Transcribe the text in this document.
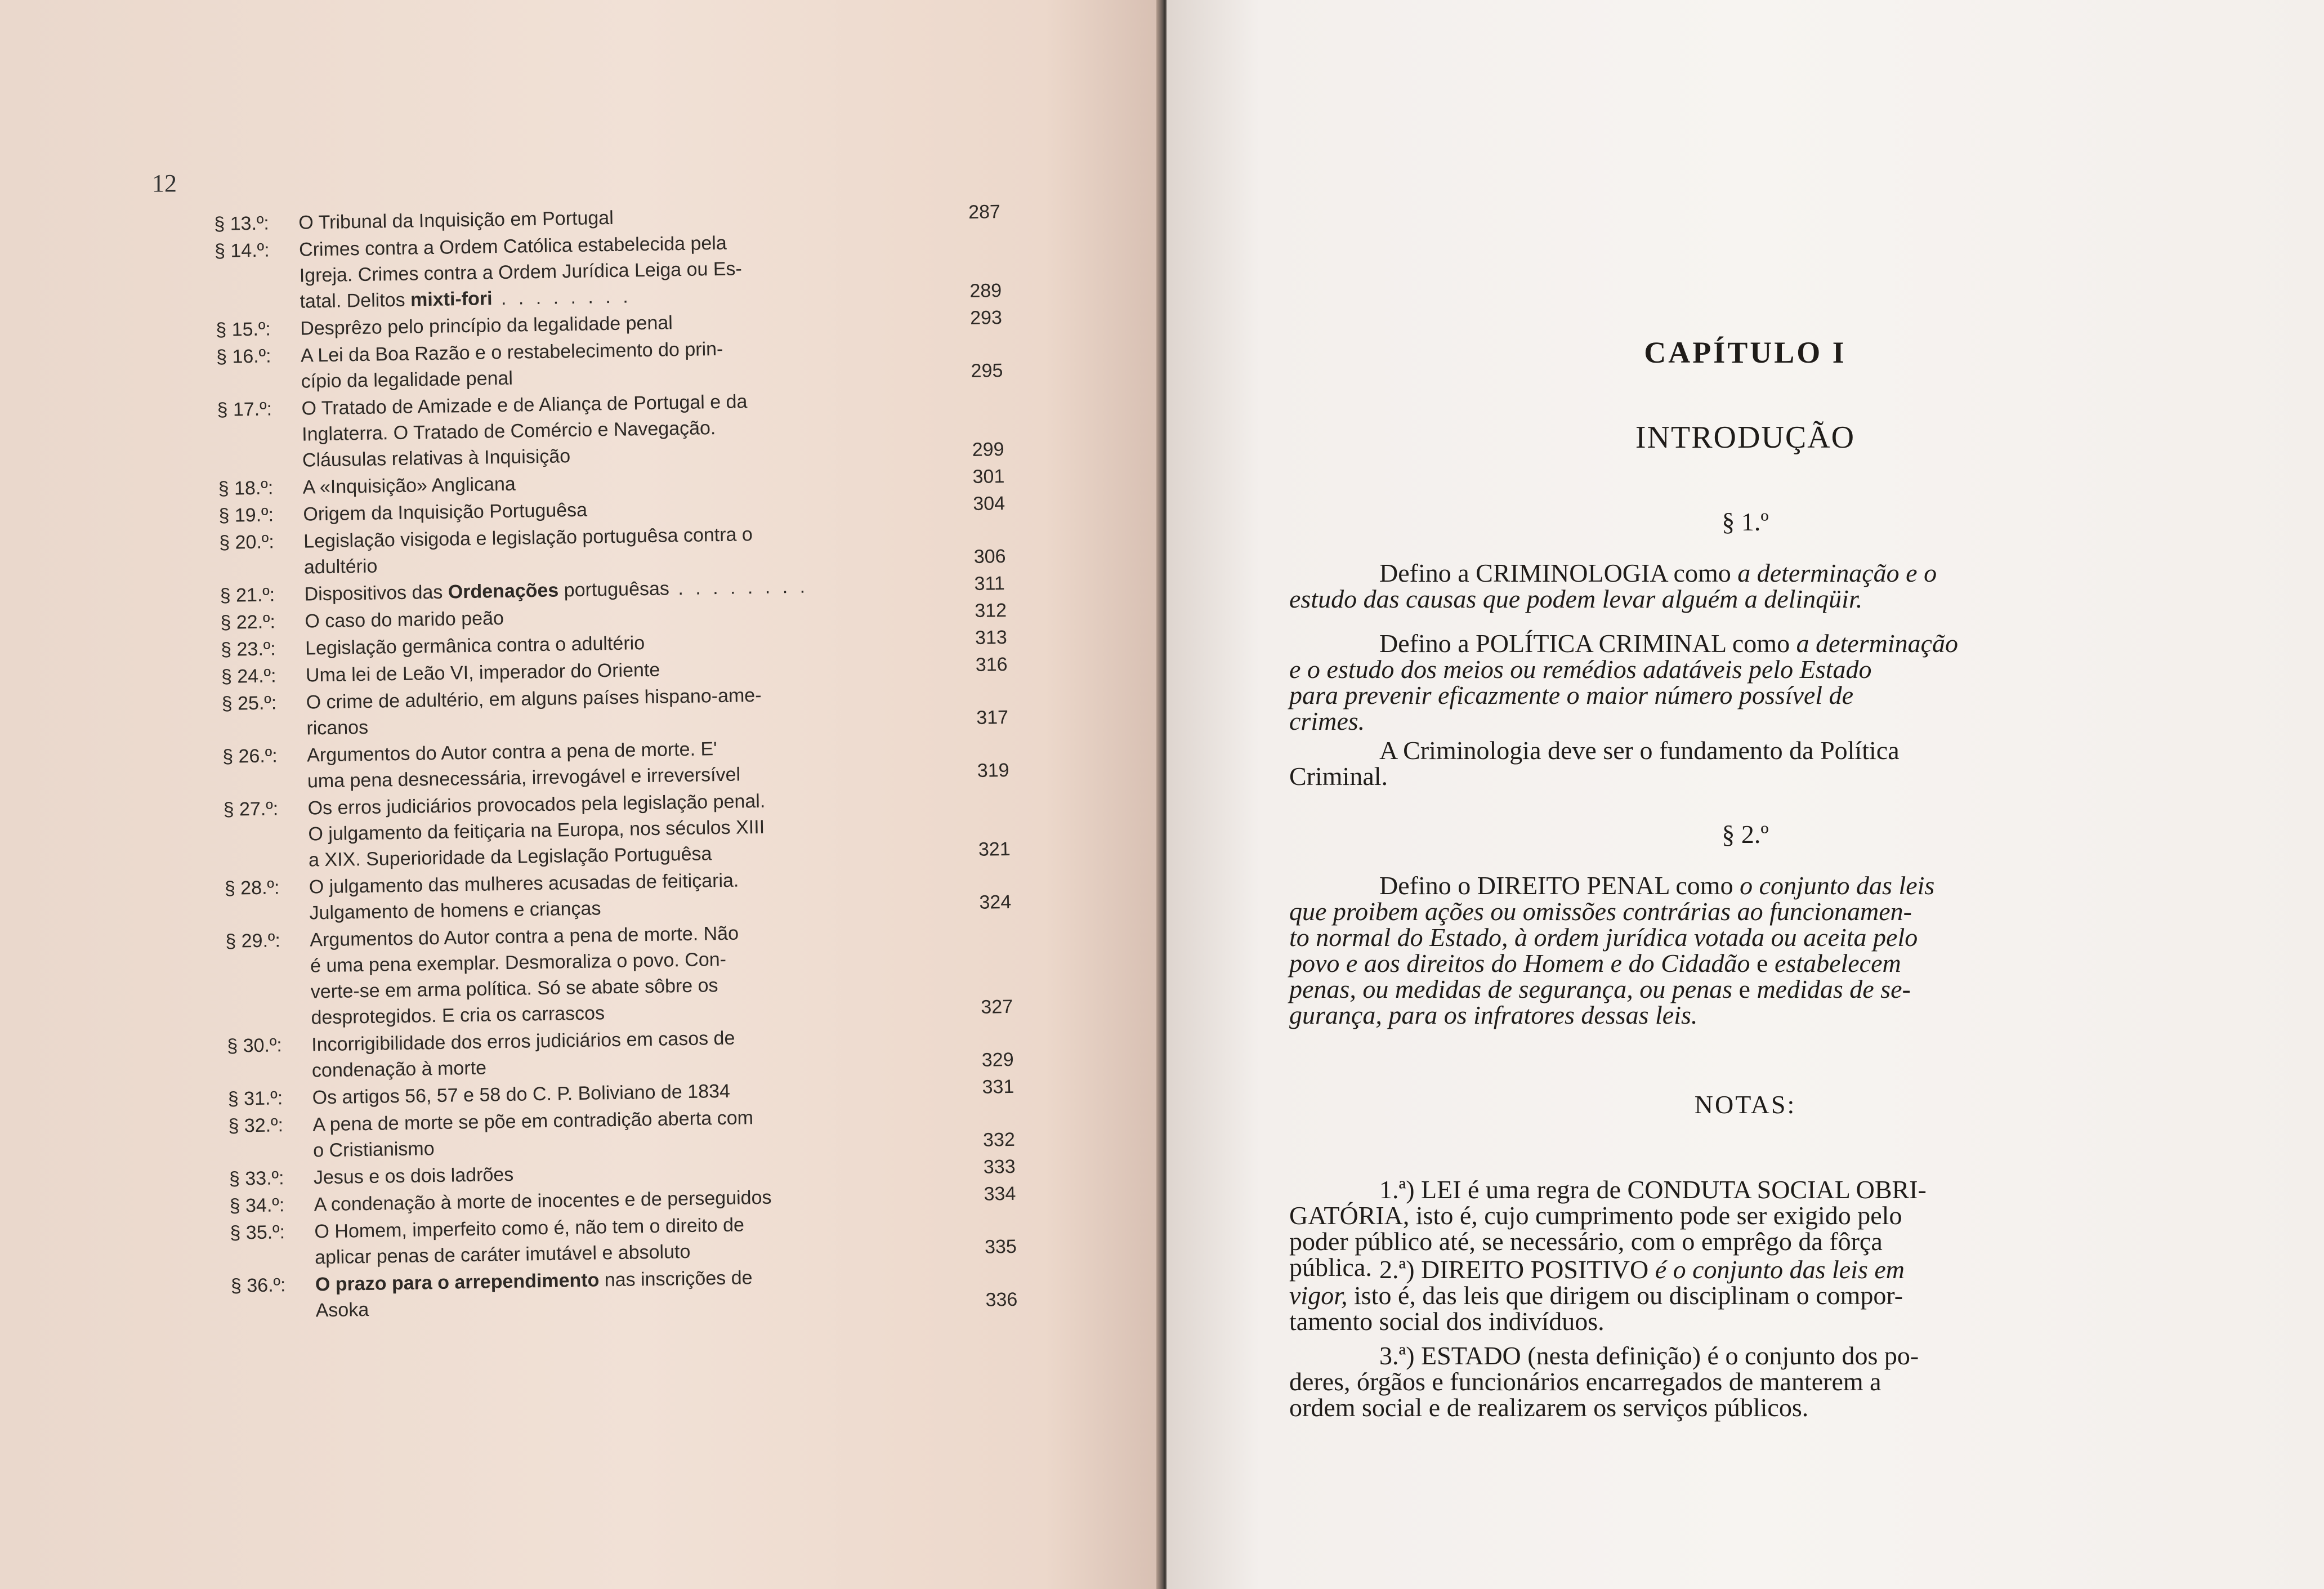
12
§ 13.º:	O Tribunal da Inquisição em Portugal	287
§ 14.º:	Crimes contra a Ordem Católica estabelecida pela
Igreja. Crimes contra a Ordem Jurídica Leiga ou Es-
tatal. Delitos mixti-fori . . . . . . . .	289
§ 15.º:	Desprêzo pelo princípio da legalidade penal	293
§ 16.º:	A Lei da Boa Razão e o restabelecimento do prin-
cípio da legalidade penal	295
§ 17.º:	O Tratado de Amizade e de Aliança de Portugal e da
Inglaterra. O Tratado de Comércio e Navegação.
Cláusulas relativas à Inquisição	299
§ 18.º:	A «Inquisição» Anglicana	301
§ 19.º:	Origem da Inquisição Portuguêsa	304
§ 20.º:	Legislação visigoda e legislação portuguêsa contra o
adultério	306
§ 21.º:	Dispositivos das Ordenações portuguêsas . . . . . . . .	311
§ 22.º:	O caso do marido peão	312
§ 23.º:	Legislação germânica contra o adultério	313
§ 24.º:	Uma lei de Leão VI, imperador do Oriente	316
§ 25.º:	O crime de adultério, em alguns países hispano-ame-
ricanos	317
§ 26.º:	Argumentos do Autor contra a pena de morte. E'
uma pena desnecessária, irrevogável e irreversível	319
§ 27.º:	Os erros judiciários provocados pela legislação penal.
O julgamento da feitiçaria na Europa, nos séculos XIII
a XIX. Superioridade da Legislação Portuguêsa	321
§ 28.º:	O julgamento das mulheres acusadas de feitiçaria.
Julgamento de homens e crianças	324
§ 29.º:	Argumentos do Autor contra a pena de morte. Não
é uma pena exemplar. Desmoraliza o povo. Con-
verte-se em arma política. Só se abate sôbre os
desprotegidos. E cria os carrascos	327
§ 30.º:	Incorrigibilidade dos erros judiciários em casos de
condenação à morte	329
§ 31.º:	Os artigos 56, 57 e 58 do C. P. Boliviano de 1834	331
§ 32.º:	A pena de morte se põe em contradição aberta com
o Cristianismo	332
§ 33.º:	Jesus e os dois ladrões	333
§ 34.º:	A condenação à morte de inocentes e de perseguidos	334
§ 35.º:	O Homem, imperfeito como é, não tem o direito de
aplicar penas de caráter imutável e absoluto	335
§ 36.º:	O prazo para o arrependimento nas inscrições de
Asoka	336
CAPÍTULO I
INTRODUÇÃO
§ 1.º
Defino a CRIMINOLOGIA como a determinação e o
estudo das causas que podem levar alguém a delinqüir.
Defino a POLÍTICA CRIMINAL como a determinação
e o estudo dos meios ou remédios adatáveis pelo Estado
para prevenir eficazmente o maior número possível de
crimes.
A Criminologia deve ser o fundamento da Política
Criminal.
§ 2.º
Defino o DIREITO PENAL como o conjunto das leis
que proibem ações ou omissões contrárias ao funcionamen-
to normal do Estado, à ordem jurídica votada ou aceita pelo
povo e aos direitos do Homem e do Cidadão e estabelecem
penas, ou medidas de segurança, ou penas e medidas de se-
gurança, para os infratores dessas leis.
NOTAS:
1.ª) LEI é uma regra de CONDUTA SOCIAL OBRI-
GATÓRIA, isto é, cujo cumprimento pode ser exigido pelo
poder público até, se necessário, com o emprêgo da fôrça
pública. 2.ª) DIREITO POSITIVO é o conjunto das leis em
vigor, isto é, das leis que dirigem ou disciplinam o compor-
tamento social dos indivíduos.
3.ª) ESTADO (nesta definição) é o conjunto dos po-
deres, órgãos e funcionários encarregados de manterem a
ordem social e de realizarem os serviços públicos.
